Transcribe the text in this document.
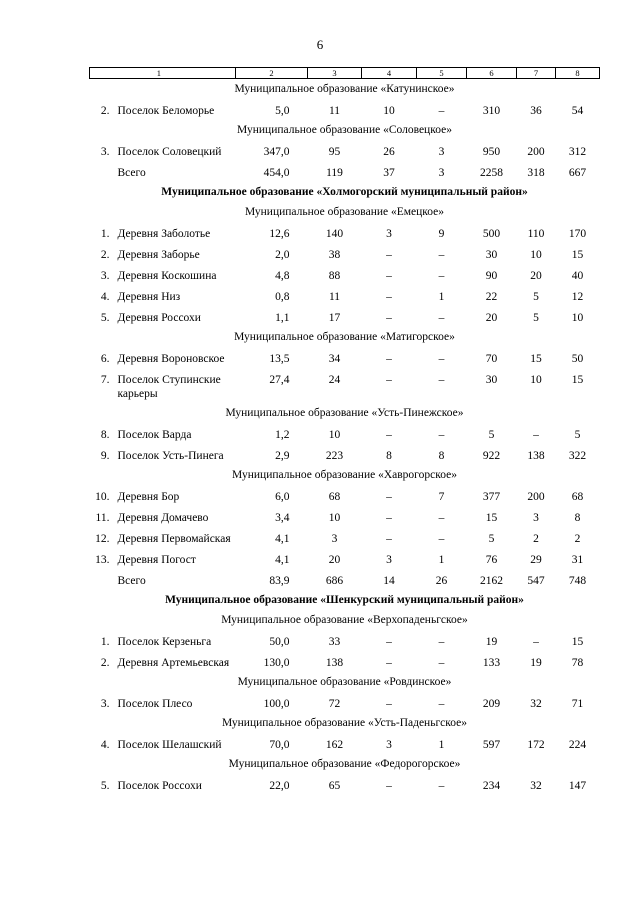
6
1		2	3	4	5	6	7	8
Муниципальное образование «Катунинское»								
2.	Поселок Беломорье	5,0	11	10	–	310	36	54
Муниципальное образование «Соловецкое»								
3.	Поселок Соловецкий	347,0	95	26	3	950	200	312
	Всего	454,0	119	37	3	2258	318	667
Муниципальное образование «Холмогорский муниципальный район»								
Муниципальное образование «Емецкое»								
1.	Деревня Заболотье	12,6	140	3	9	500	110	170
2.	Деревня Заборье	2,0	38	–	–	30	10	15
3.	Деревня Коскошина	4,8	88	–	–	90	20	40
4.	Деревня Низ	0,8	11	–	1	22	5	12
5.	Деревня Россохи	1,1	17	–	–	20	5	10
Муниципальное образование «Матигорское»								
6.	Деревня Вороновское	13,5	34	–	–	70	15	50
7.	Поселок Ступинские карьеры	27,4	24	–	–	30	10	15
Муниципальное образование «Усть-Пинежское»								
8.	Поселок Варда	1,2	10	–	–	5	–	5
9.	Поселок Усть-Пинега	2,9	223	8	8	922	138	322
Муниципальное образование «Хаврогорское»								
10.	Деревня Бор	6,0	68	–	7	377	200	68
11.	Деревня Домачево	3,4	10	–	–	15	3	8
12.	Деревня Первомайская	4,1	3	–	–	5	2	2
13.	Деревня Погост	4,1	20	3	1	76	29	31
	Всего	83,9	686	14	26	2162	547	748
Муниципальное образование «Шенкурский муниципальный район»								
Муниципальное образование «Верхопаденьгское»								
1.	Поселок Керзеньга	50,0	33	–	–	19	–	15
2.	Деревня Артемьевская	130,0	138	–	–	133	19	78
Муниципальное образование «Ровдинское»								
3.	Поселок Плесо	100,0	72	–	–	209	32	71
Муниципальное образование «Усть-Паденьгское»								
4.	Поселок Шелашский	70,0	162	3	1	597	172	224
Муниципальное образование «Федорогорское»								
5.	Поселок Россохи	22,0	65	–	–	234	32	147
